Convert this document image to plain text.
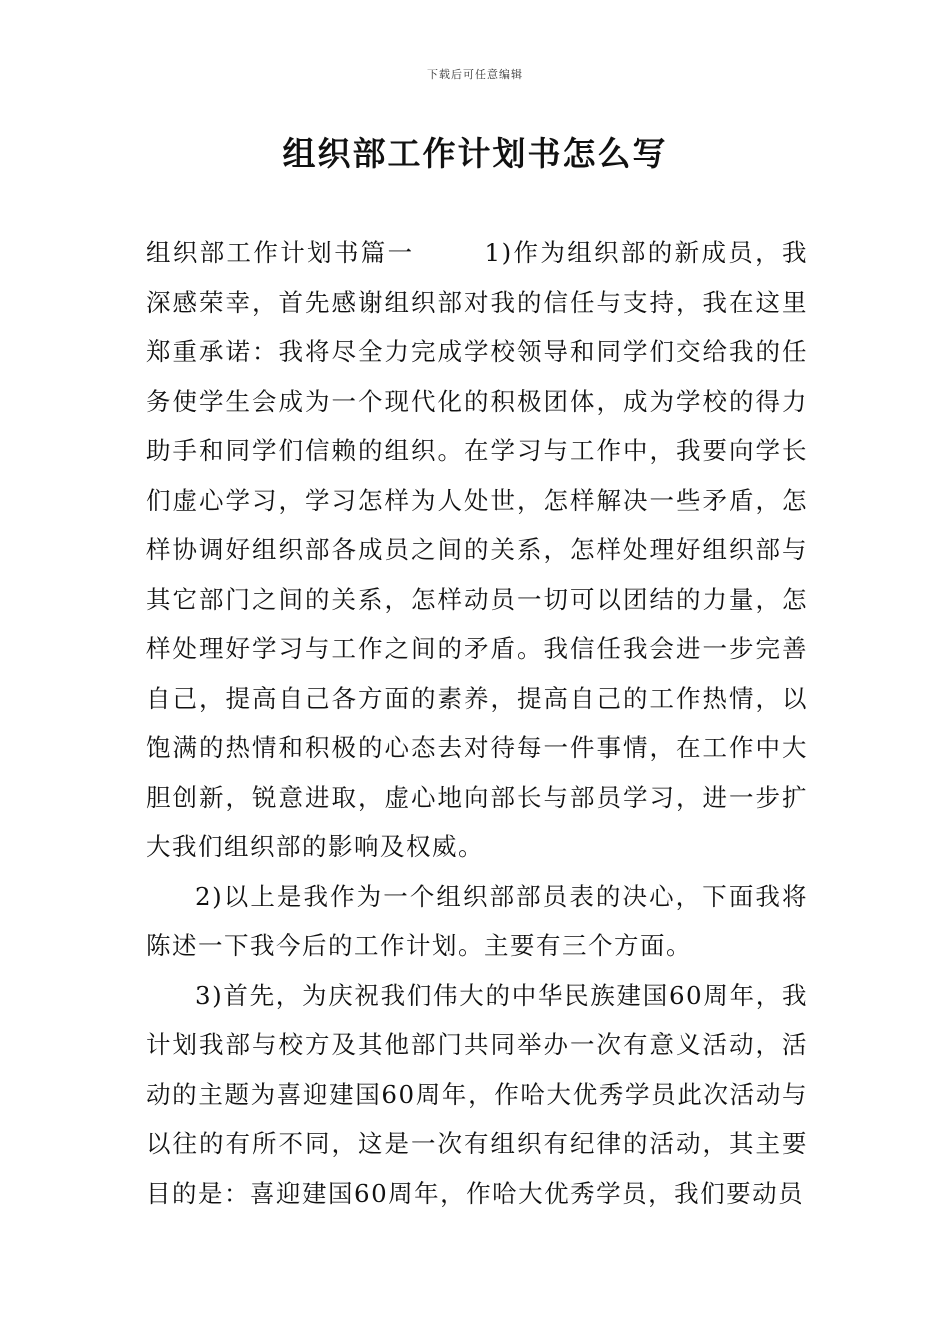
下载后可任意编辑
组织部工作计划书怎么写

组织部工作计划书篇一	1)作为组织部的新成员，我深感荣幸，首先感谢组织部对我的信任与支持，我在这里郑重承诺：我将尽全力完成学校领导和同学们交给我的任务使学生会成为一个现代化的积极团体，成为学校的得力助手和同学们信赖的组织。在学习与工作中，我要向学长们虚心学习，学习怎样为人处世，怎样解决一些矛盾，怎样协调好组织部各成员之间的关系，怎样处理好组织部与其它部门之间的关系，怎样动员一切可以团结的力量，怎样处理好学习与工作之间的矛盾。我信任我会进一步完善自己，提高自己各方面的素养，提高自己的工作热情，以饱满的热情和积极的心态去对待每一件事情，在工作中大胆创新，锐意进取，虚心地向部长与部员学习，进一步扩大我们组织部的影响及权威。

2)以上是我作为一个组织部部员表的决心，下面我将陈述一下我今后的工作计划。主要有三个方面。

3)首先，为庆祝我们伟大的中华民族建国60周年，我计划我部与校方及其他部门共同举办一次有意义活动，活动的主题为喜迎建国60周年，作哈大优秀学员此次活动与以往的有所不同，这是一次有组织有纪律的活动，其主要目的是：喜迎建国60周年，作哈大优秀学员，我们要动员
